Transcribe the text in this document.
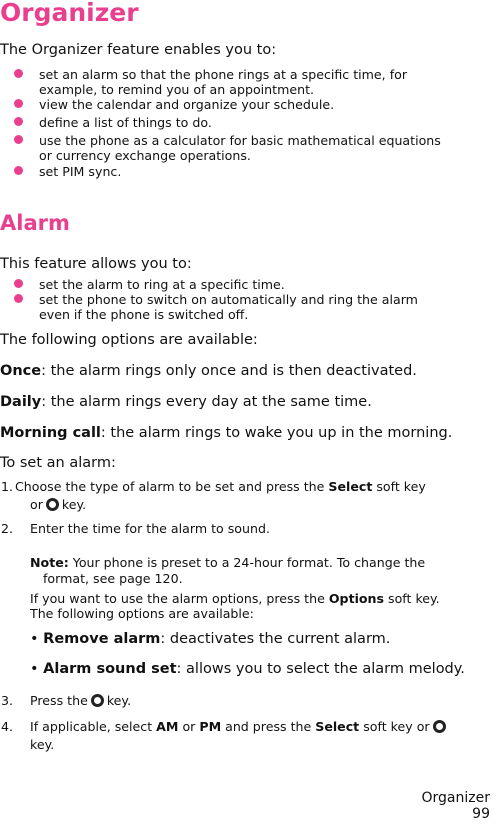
Organizer
The Organizer feature enables you to:
set an alarm so that the phone rings at a specific time, for
example, to remind you of an appointment.
view the calendar and organize your schedule.
define a list of things to do.
use the phone as a calculator for basic mathematical equations
or currency exchange operations.
set PIM sync.
Alarm
This feature allows you to:
set the alarm to ring at a specific time.
set the phone to switch on automatically and ring the alarm
even if the phone is switched off.
The following options are available:
Once: the alarm rings only once and is then deactivated.
Daily: the alarm rings every day at the same time.
Morning call: the alarm rings to wake you up in the morning.
To set an alarm:
1. Choose the type of alarm to be set and press the Select soft key
or key.
2. Enter the time for the alarm to sound.
Note: Your phone is preset to a 24-hour format. To change the
format, see page 120.
If you want to use the alarm options, press the Options soft key.
The following options are available:
• Remove alarm: deactivates the current alarm.
• Alarm sound set: allows you to select the alarm melody.
3. Press the key.
4. If applicable, select AM or PM and press the Select soft key or
key.
Organizer
99
